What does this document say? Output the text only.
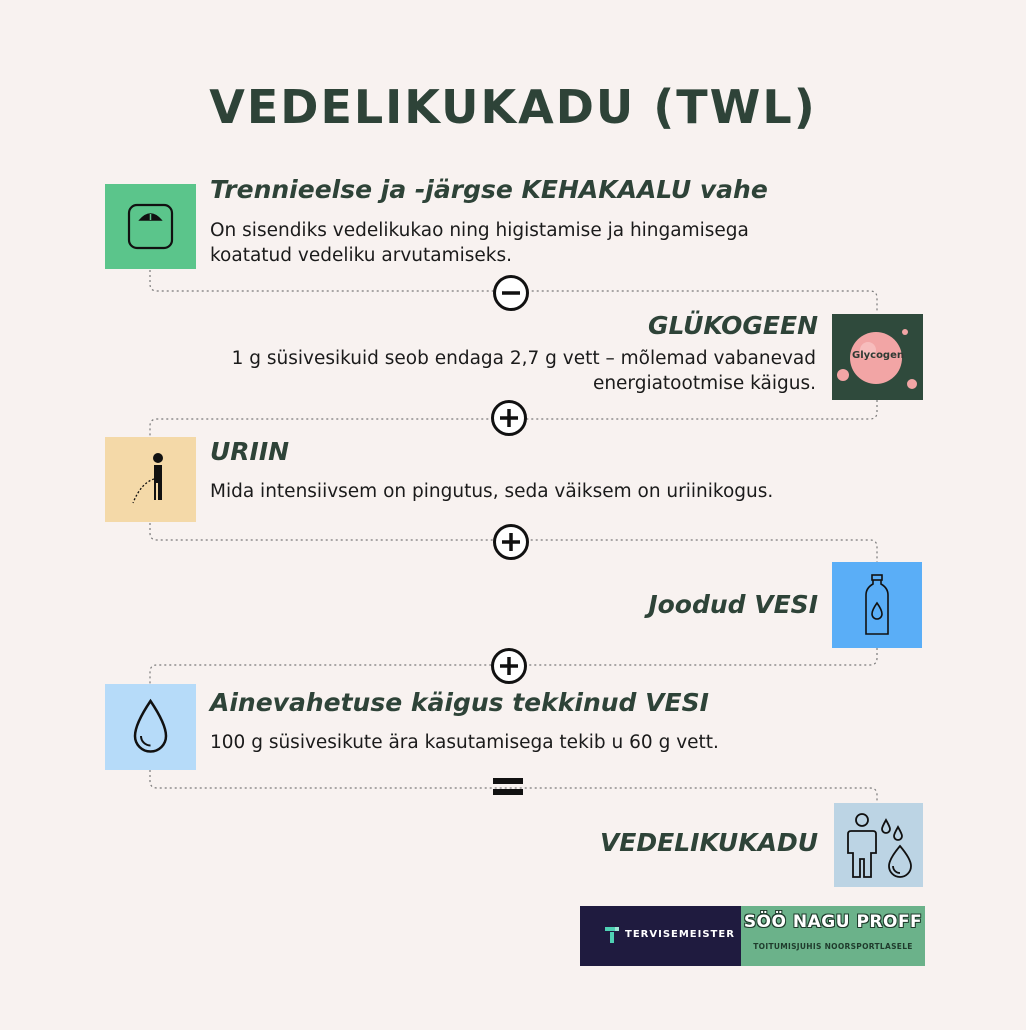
VEDELIKUKADU (TWL)
Trennieelse ja -järgse KEHAKAALU vahe
On sisendiks vedelikukao ning higistamise ja hingamisega
koatatud vedeliku arvutamiseks.
GLÜKOGEEN
1 g süsivesikuid seob endaga 2,7 g vett – mõlemad vabanevad
energiatootmise käigus.
Glycogen
URIIN
Mida intensiivsem on pingutus, seda väiksem on uriinikogus.
Joodud VESI
Ainevahetuse käigus tekkinud VESI
100 g süsivesikute ära kasutamisega tekib u 60 g vett.
VEDELIKUKADU
TERVISEMEISTER
SÖÖ NAGU PROFF
TOITUMISJUHIS NOORSPORTLASELE
